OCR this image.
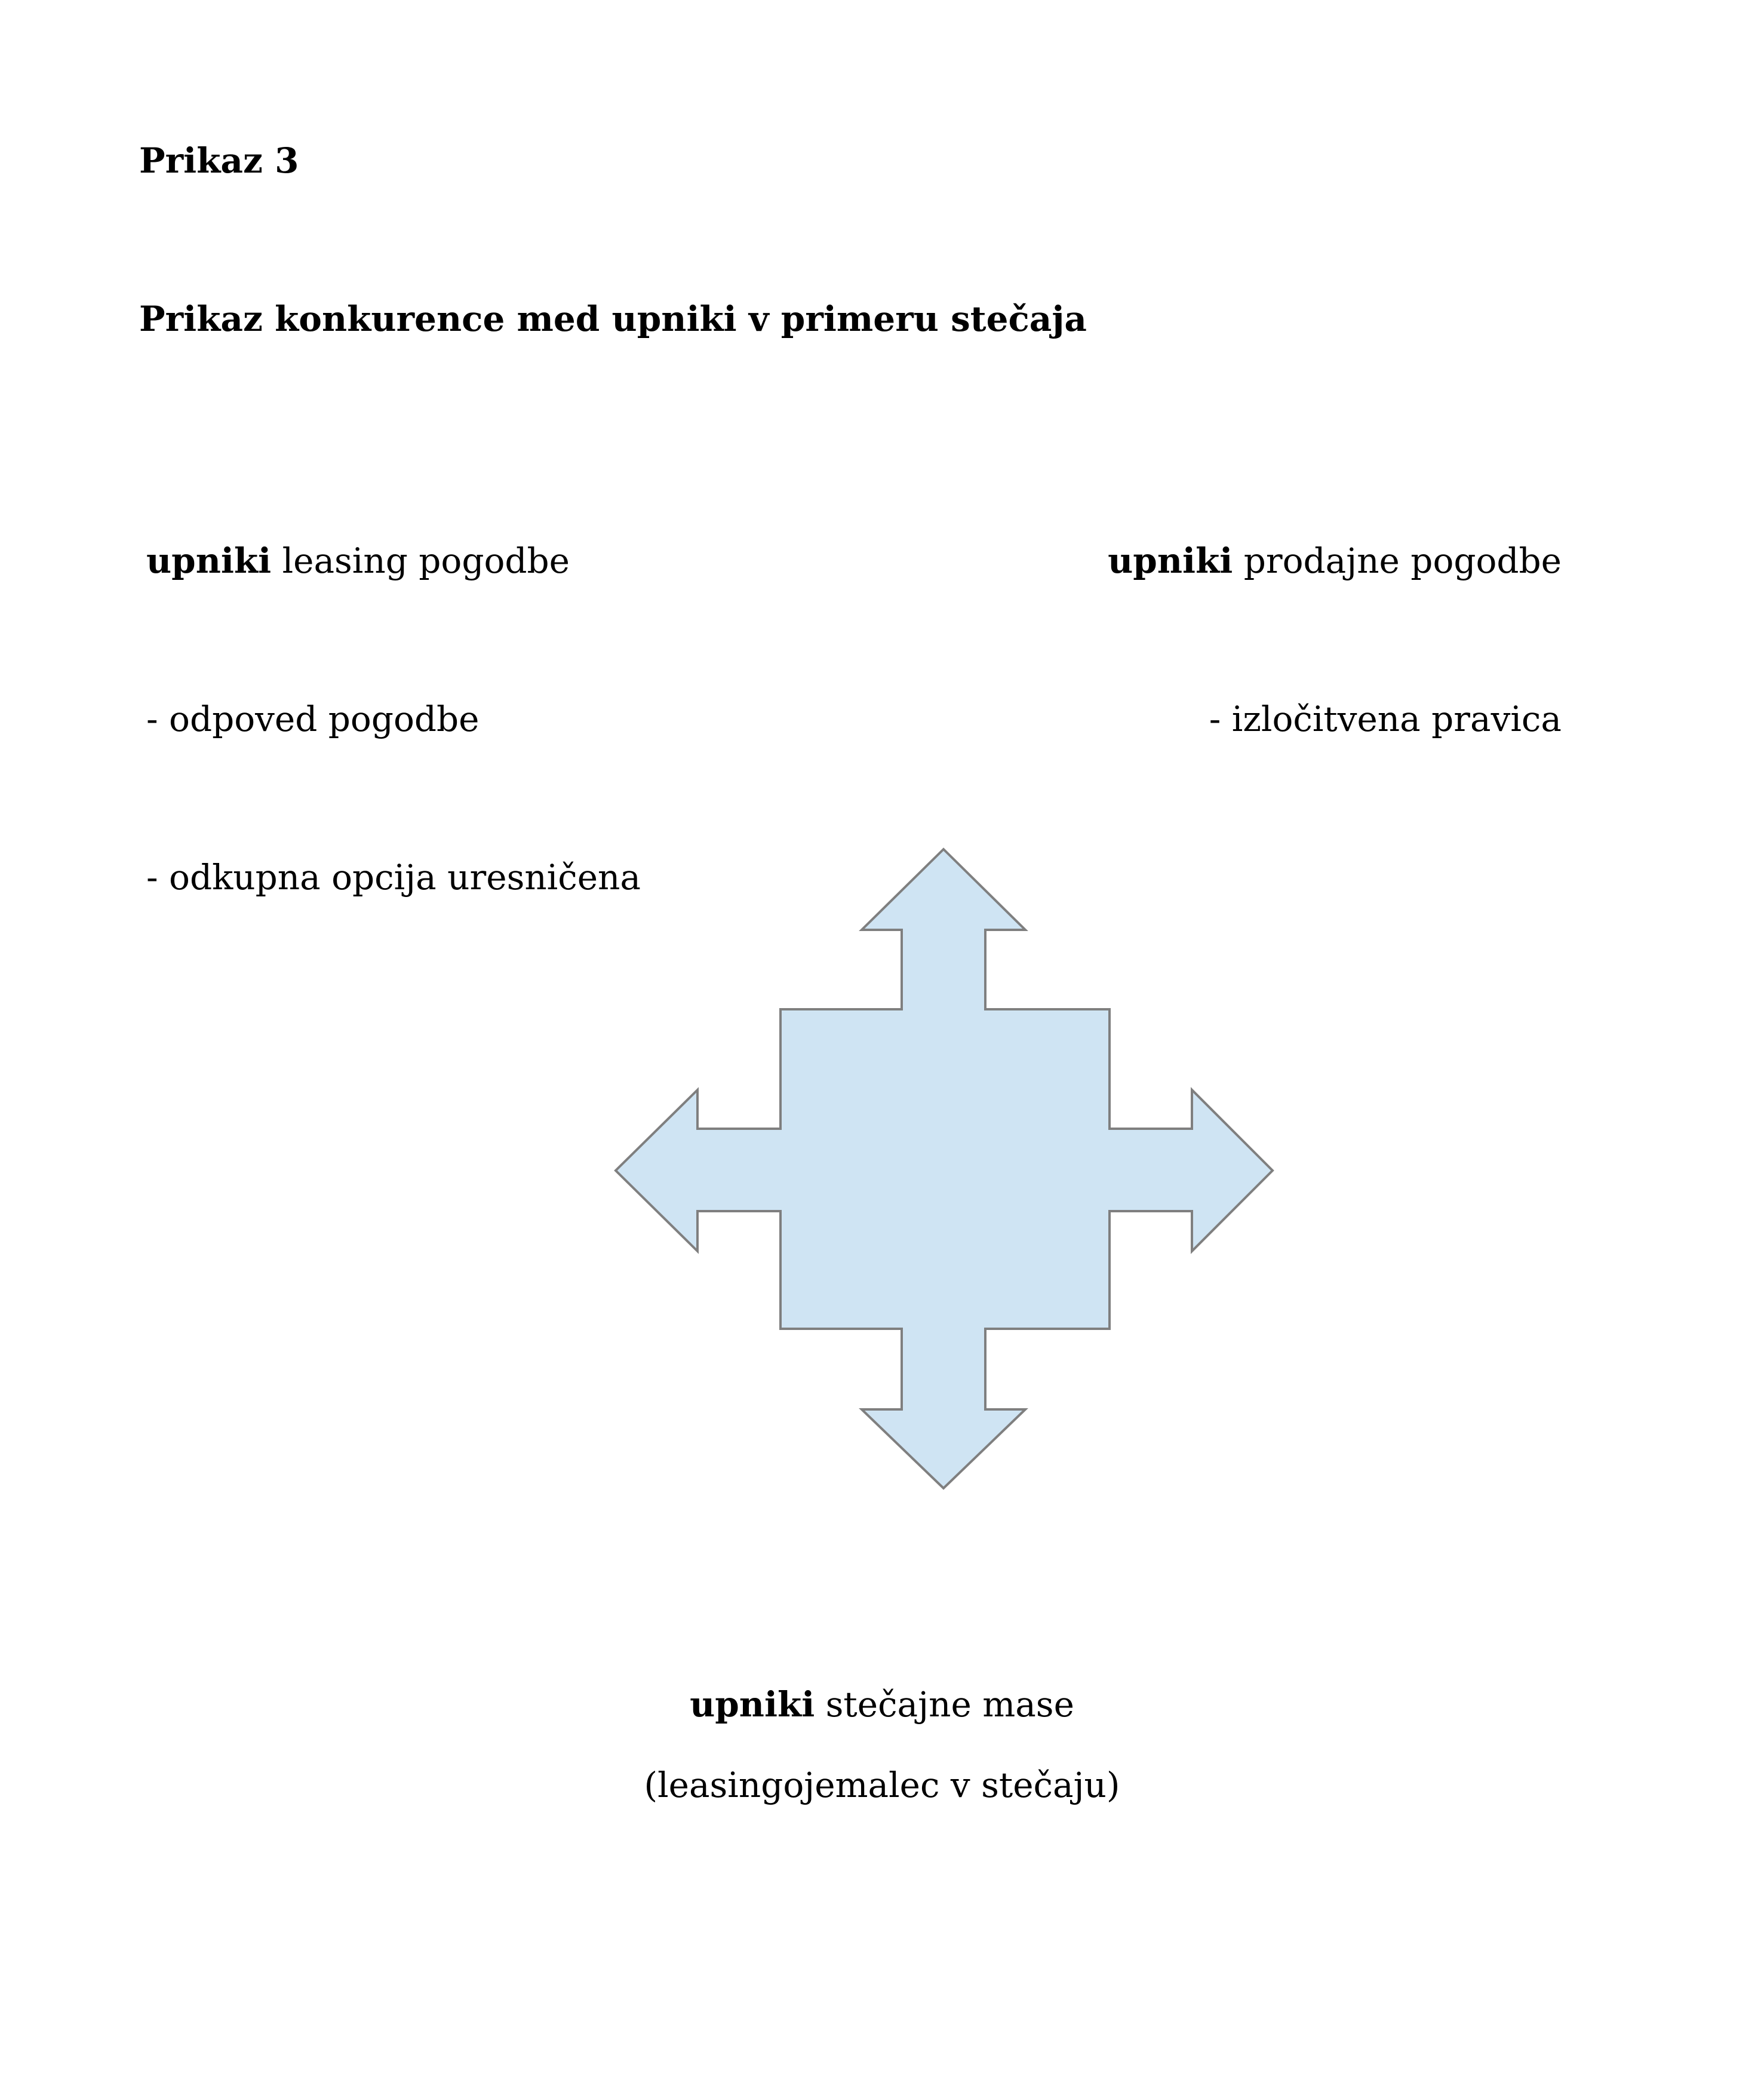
Prikaz 3
Prikaz konkurence med upniki v primeru stečaja
upniki leasing pogodbe
- odpoved pogodbe
- odkupna opcija uresničena
upniki prodajne pogodbe
- izločitvena pravica
upniki stečajne mase
(leasingojemalec v stečaju)
